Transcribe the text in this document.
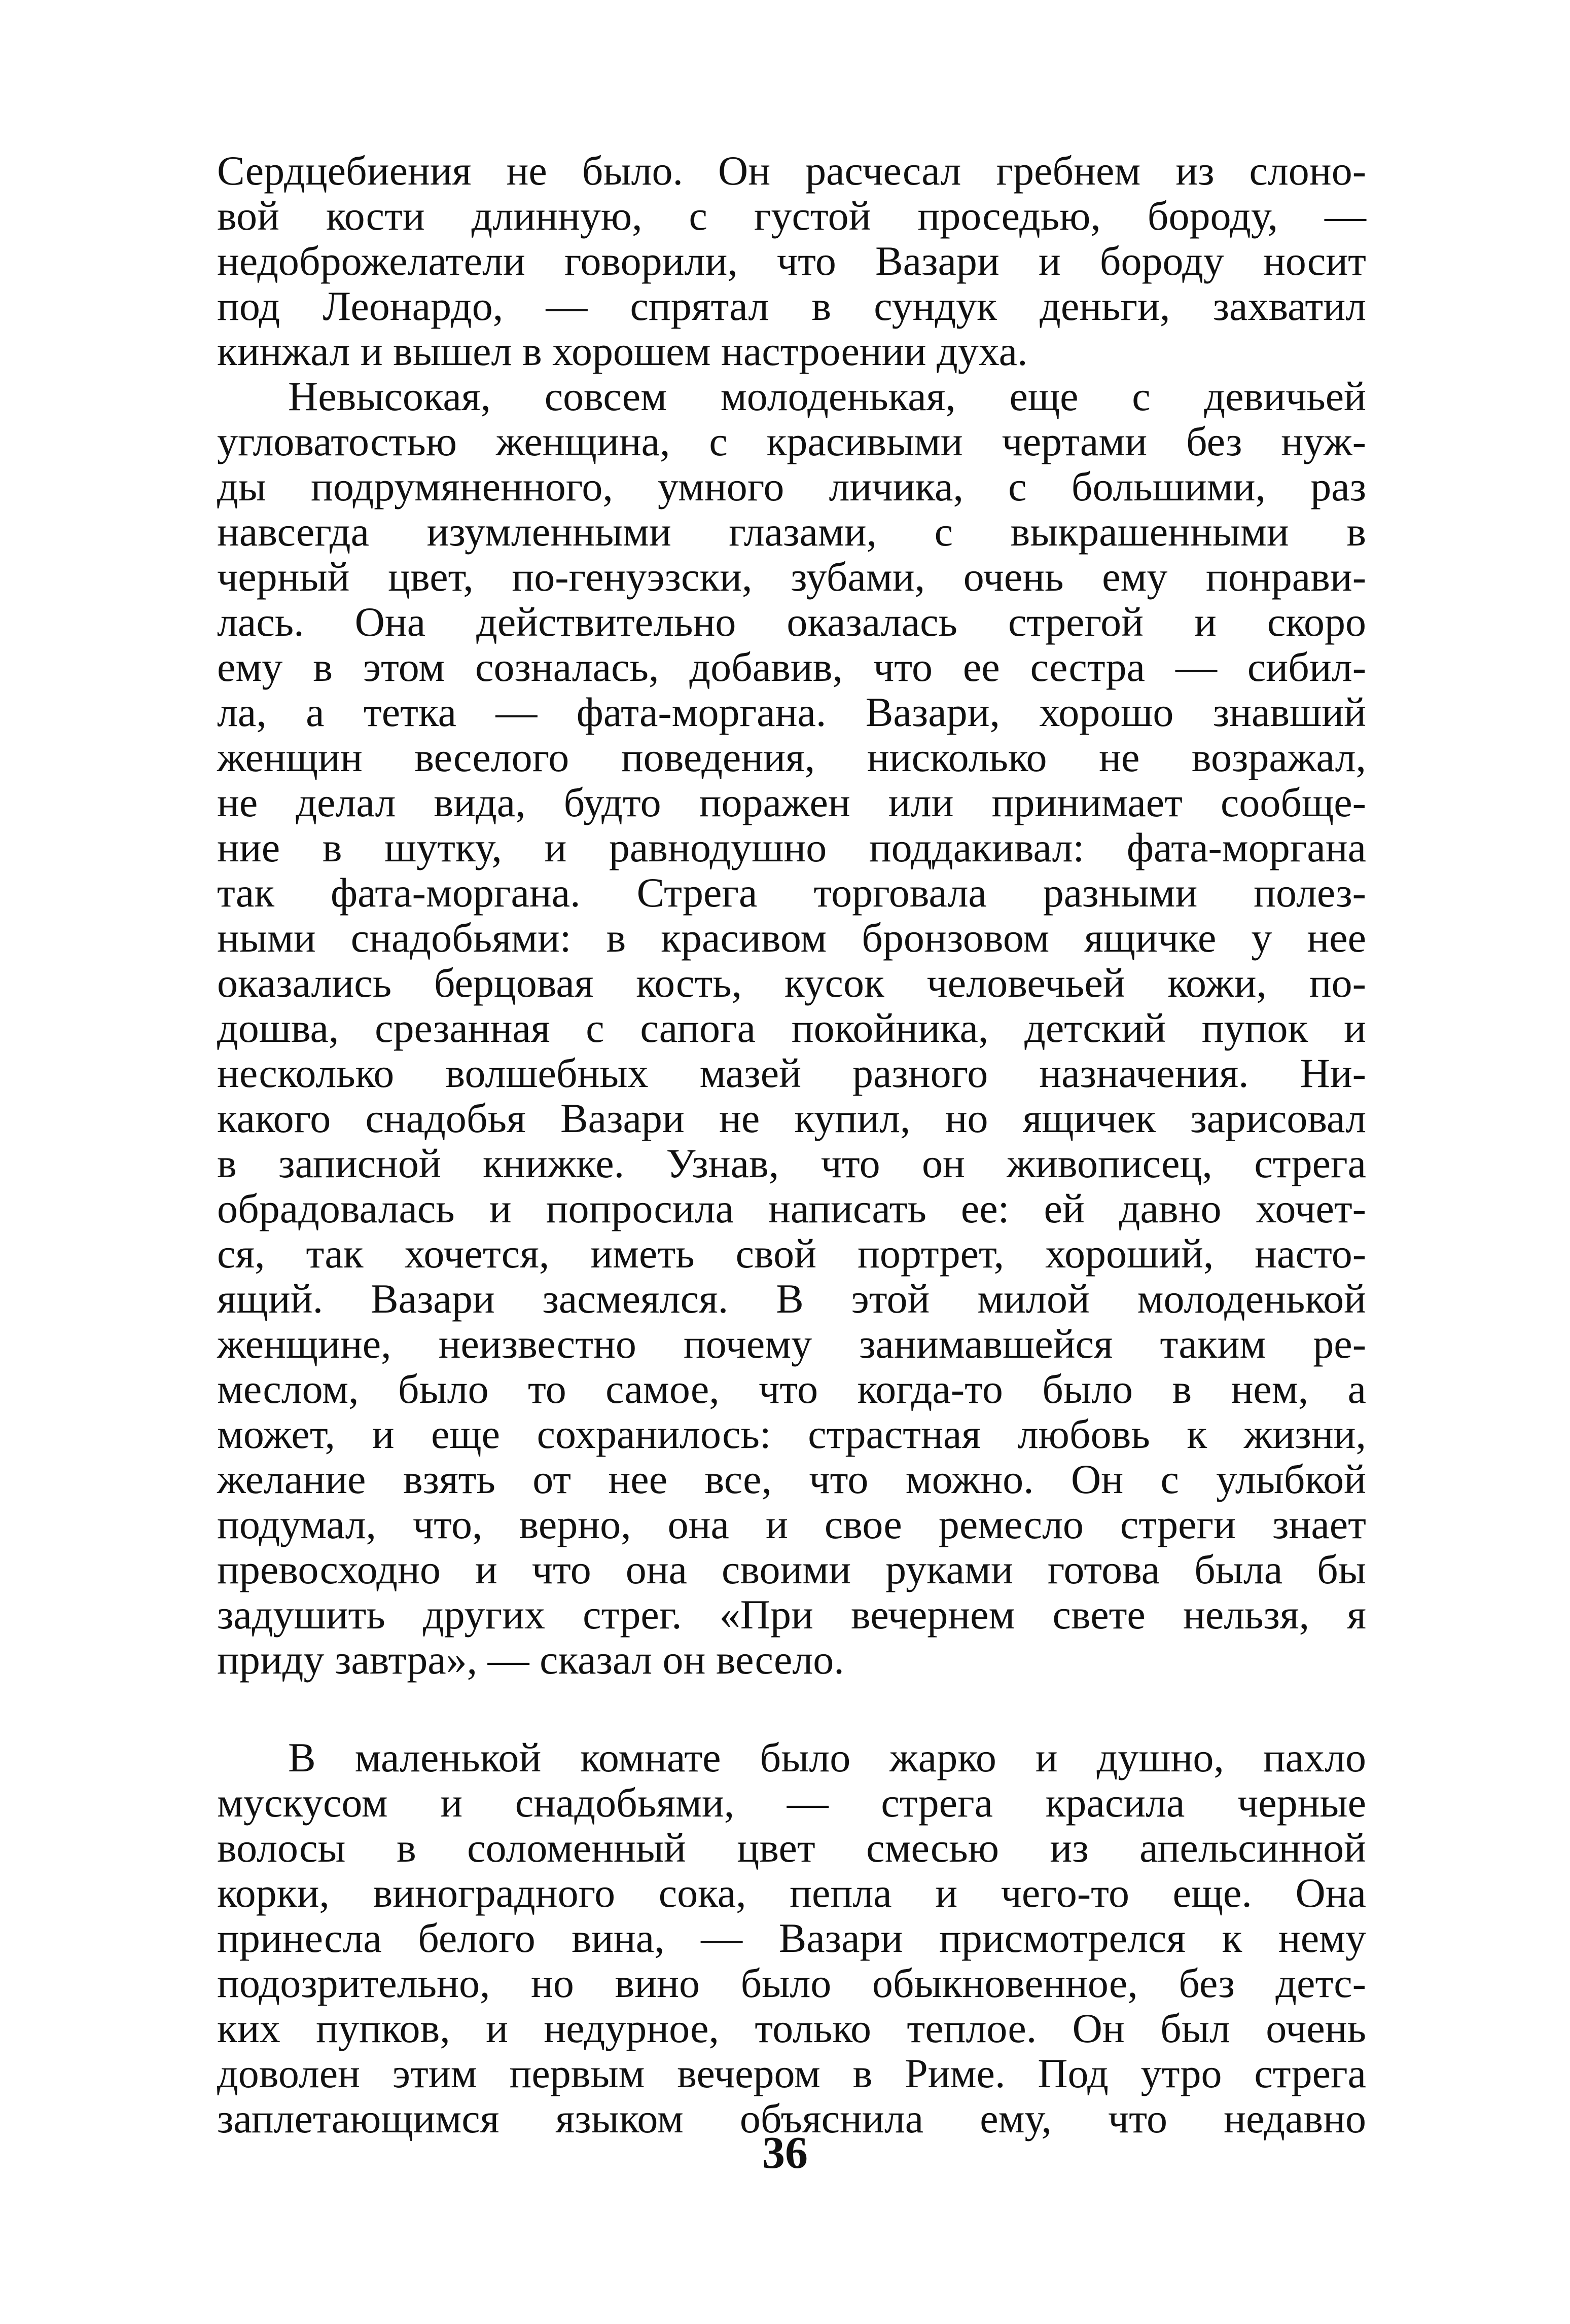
Сердцебиения не было. Он расчесал гребнем из слоно-
вой кости длинную, с густой проседью, бороду, —
недоброжелатели говорили, что Вазари и бороду носит
под Леонардо, — спрятал в сундук деньги, захватил
кинжал и вышел в хорошем настроении духа.
Невысокая, совсем молоденькая, еще с девичьей
угловатостью женщина, с красивыми чертами без нуж-
ды подрумяненного, умного личика, с большими, раз
навсегда изумленными глазами, с выкрашенными в
черный цвет, по-генуэзски, зубами, очень ему понрави-
лась. Она действительно оказалась стрегой и скоро
ему в этом созналась, добавив, что ее сестра — сибил-
ла, а тетка — фата-моргана. Вазари, хорошо знавший
женщин веселого поведения, нисколько не возражал,
не делал вида, будто поражен или принимает сообще-
ние в шутку, и равнодушно поддакивал: фата-моргана
так фата-моргана. Стрега торговала разными полез-
ными снадобьями: в красивом бронзовом ящичке у нее
оказались берцовая кость, кусок человечьей кожи, по-
дошва, срезанная с сапога покойника, детский пупок и
несколько волшебных мазей разного назначения. Ни-
какого снадобья Вазари не купил, но ящичек зарисовал
в записной книжке. Узнав, что он живописец, стрега
обрадовалась и попросила написать ее: ей давно хочет-
ся, так хочется, иметь свой портрет, хороший, насто-
ящий. Вазари засмеялся. В этой милой молоденькой
женщине, неизвестно почему занимавшейся таким ре-
меслом, было то самое, что когда-то было в нем, а
может, и еще сохранилось: страстная любовь к жизни,
желание взять от нее все, что можно. Он с улыбкой
подумал, что, верно, она и свое ремесло стреги знает
превосходно и что она своими руками готова была бы
задушить других стрег. «При вечернем свете нельзя, я
приду завтра», — сказал он весело.
В маленькой комнате было жарко и душно, пахло
мускусом и снадобьями, — стрега красила черные
волосы в соломенный цвет смесью из апельсинной
корки, виноградного сока, пепла и чего-то еще. Она
принесла белого вина, — Вазари присмотрелся к нему
подозрительно, но вино было обыкновенное, без детс-
ких пупков, и недурное, только теплое. Он был очень
доволен этим первым вечером в Риме. Под утро стрега
заплетающимся языком объяснила ему, что недавно
36
